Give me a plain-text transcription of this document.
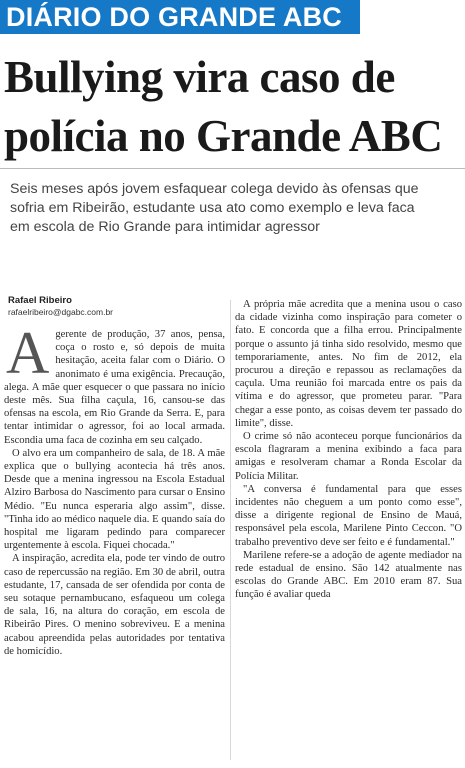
DIÁRIO DO GRANDE ABC
Bullying vira caso de polícia no Grande ABC
Seis meses após jovem esfaquear colega devido às ofensas que sofria em Ribeirão, estudante usa ato como exemplo e leva faca em escola de Rio Grande para intimidar agressor
Rafael Ribeiro
rafaelribeiro@dgabc.com.br
A gerente de produção, 37 anos, pensa, coça o rosto e, só depois de muita hesitação, aceita falar com o Diário. O anonimato é uma exigência. Precaução, alega. A mãe quer esquecer o que passara no início deste mês. Sua filha caçula, 16, cansou-se das ofensas na escola, em Rio Grande da Serra. E, para tentar intimidar o agressor, foi ao local armada. Escondia uma faca de cozinha em seu calçado.

O alvo era um companheiro de sala, de 18. A mãe explica que o bullying acontecia há três anos. Desde que a menina ingressou na Escola Estadual Alziro Barbosa do Nascimento para cursar o Ensino Médio. "Eu nunca esperaria algo assim", disse. "Tinha ido ao médico naquele dia. E quando saía do hospital me ligaram pedindo para comparecer urgentemente à escola. Fiquei chocada."

A inspiração, acredita ela, pode ter vindo de outro caso de repercussão na região. Em 30 de abril, outra estudante, 17, cansada de ser ofendida por conta de seu sotaque pernambucano, esfaqueou um colega de sala, 16, na altura do coração, em escola de Ribeirão Pires. O menino sobreviveu. E a menina acabou apreendida pelas autoridades por tentativa de homicídio.

A própria mãe acredita que a menina usou o caso da cidade vizinha como inspiração para cometer o fato. E concorda que a filha errou. Principalmente porque o assunto já tinha sido resolvido, mesmo que temporariamente, antes. No fim de 2012, ela procurou a direção e repassou as reclamações da caçula. Uma reunião foi marcada entre os pais da vítima e do agressor, que prometeu parar. "Para chegar a esse ponto, as coisas devem ter passado do limite", disse.

O crime só não aconteceu porque funcionários da escola flagraram a menina exibindo a faca para amigas e resolveram chamar a Ronda Escolar da Polícia Militar.

"A conversa é fundamental para que esses incidentes não cheguem a um ponto como esse", disse a dirigente regional de Ensino de Mauá, responsável pela escola, Marilene Pinto Ceccon. "O trabalho preventivo deve ser feito e é fundamental."

Marilene refere-se a adoção de agente mediador na rede estadual de ensino. São 142 atualmente nas escolas do Grande ABC. Em 2010 eram 87. Sua função é avaliar queda
